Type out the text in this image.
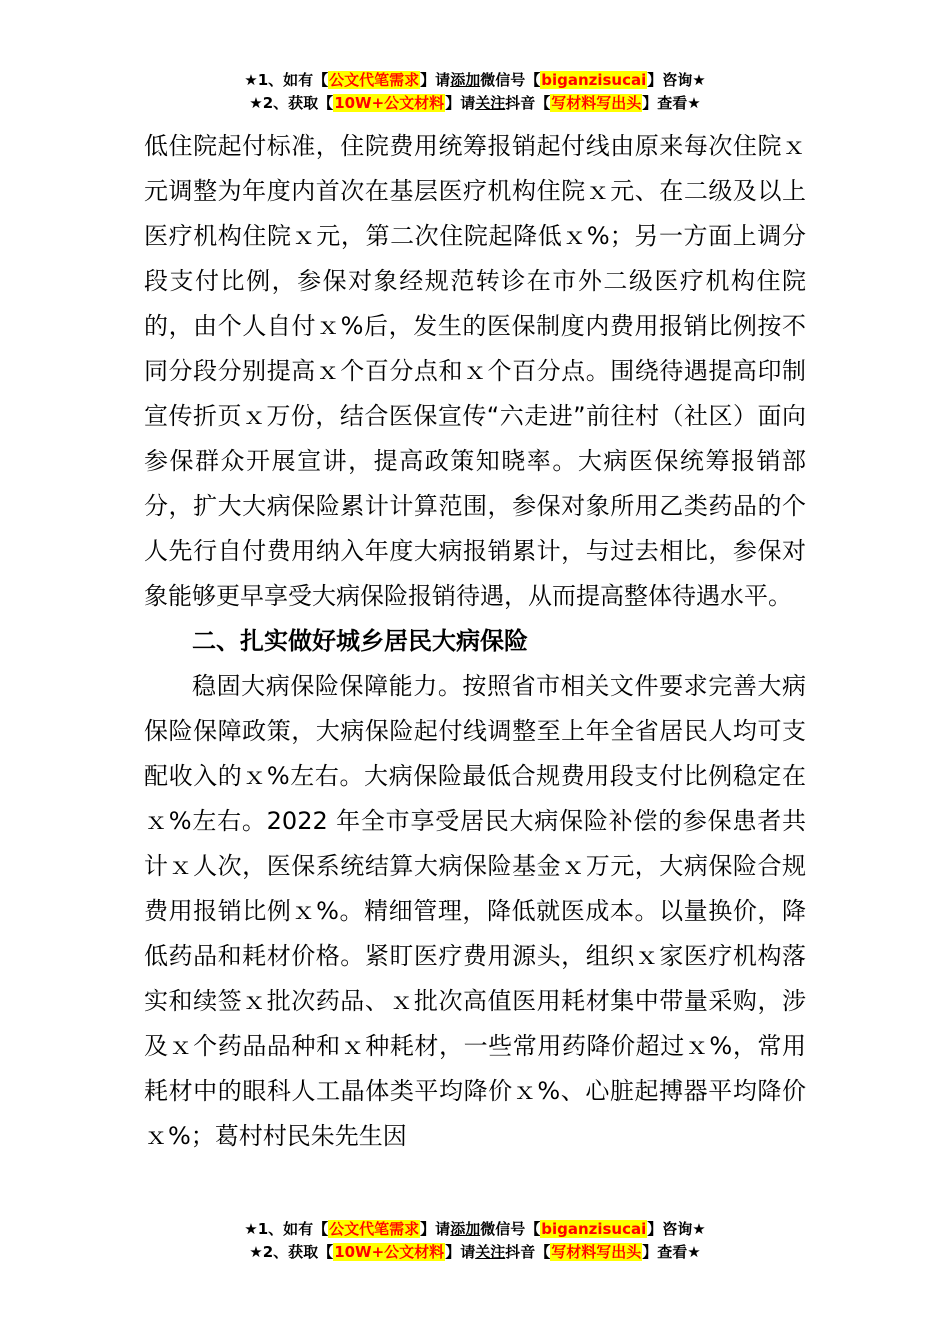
★1、如有【公文代笔需求】请添加微信号【biganzisucai】咨询★
★2、获取【10W+公文材料】请关注抖音【写材料写出头】查看★

低住院起付标准，住院费用统筹报销起付线由原来每次住院ｘ元调整为年度内首次在基层医疗机构住院ｘ元、在二级及以上医疗机构住院ｘ元，第二次住院起降低ｘ%；另一方面上调分段支付比例，参保对象经规范转诊在市外二级医疗机构住院的，由个人自付ｘ%后，发生的医保制度内费用报销比例按不同分段分别提高ｘ个百分点和ｘ个百分点。围绕待遇提高印制宣传折页ｘ万份，结合医保宣传“六走进”前往村（社区）面向参保群众开展宣讲，提高政策知晓率。大病医保统筹报销部分，扩大大病保险累计计算范围，参保对象所用乙类药品的个人先行自付费用纳入年度大病报销累计，与过去相比，参保对象能够更早享受大病保险报销待遇，从而提高整体待遇水平。

二、扎实做好城乡居民大病保险

稳固大病保险保障能力。按照省市相关文件要求完善大病保险保障政策，大病保险起付线调整至上年全省居民人均可支配收入的ｘ%左右。大病保险最低合规费用段支付比例稳定在ｘ%左右。2022 年全市享受居民大病保险补偿的参保患者共计ｘ人次，医保系统结算大病保险基金ｘ万元，大病保险合规费用报销比例ｘ%。精细管理，降低就医成本。以量换价，降低药品和耗材价格。紧盯医疗费用源头，组织ｘ家医疗机构落实和续签ｘ批次药品、ｘ批次高值医用耗材集中带量采购，涉及ｘ个药品品种和ｘ种耗材，一些常用药降价超过ｘ%，常用耗材中的眼科人工晶体类平均降价ｘ%、心脏起搏器平均降价ｘ%；葛村村民朱先生因

★1、如有【公文代笔需求】请添加微信号【biganzisucai】咨询★
★2、获取【10W+公文材料】请关注抖音【写材料写出头】查看★
